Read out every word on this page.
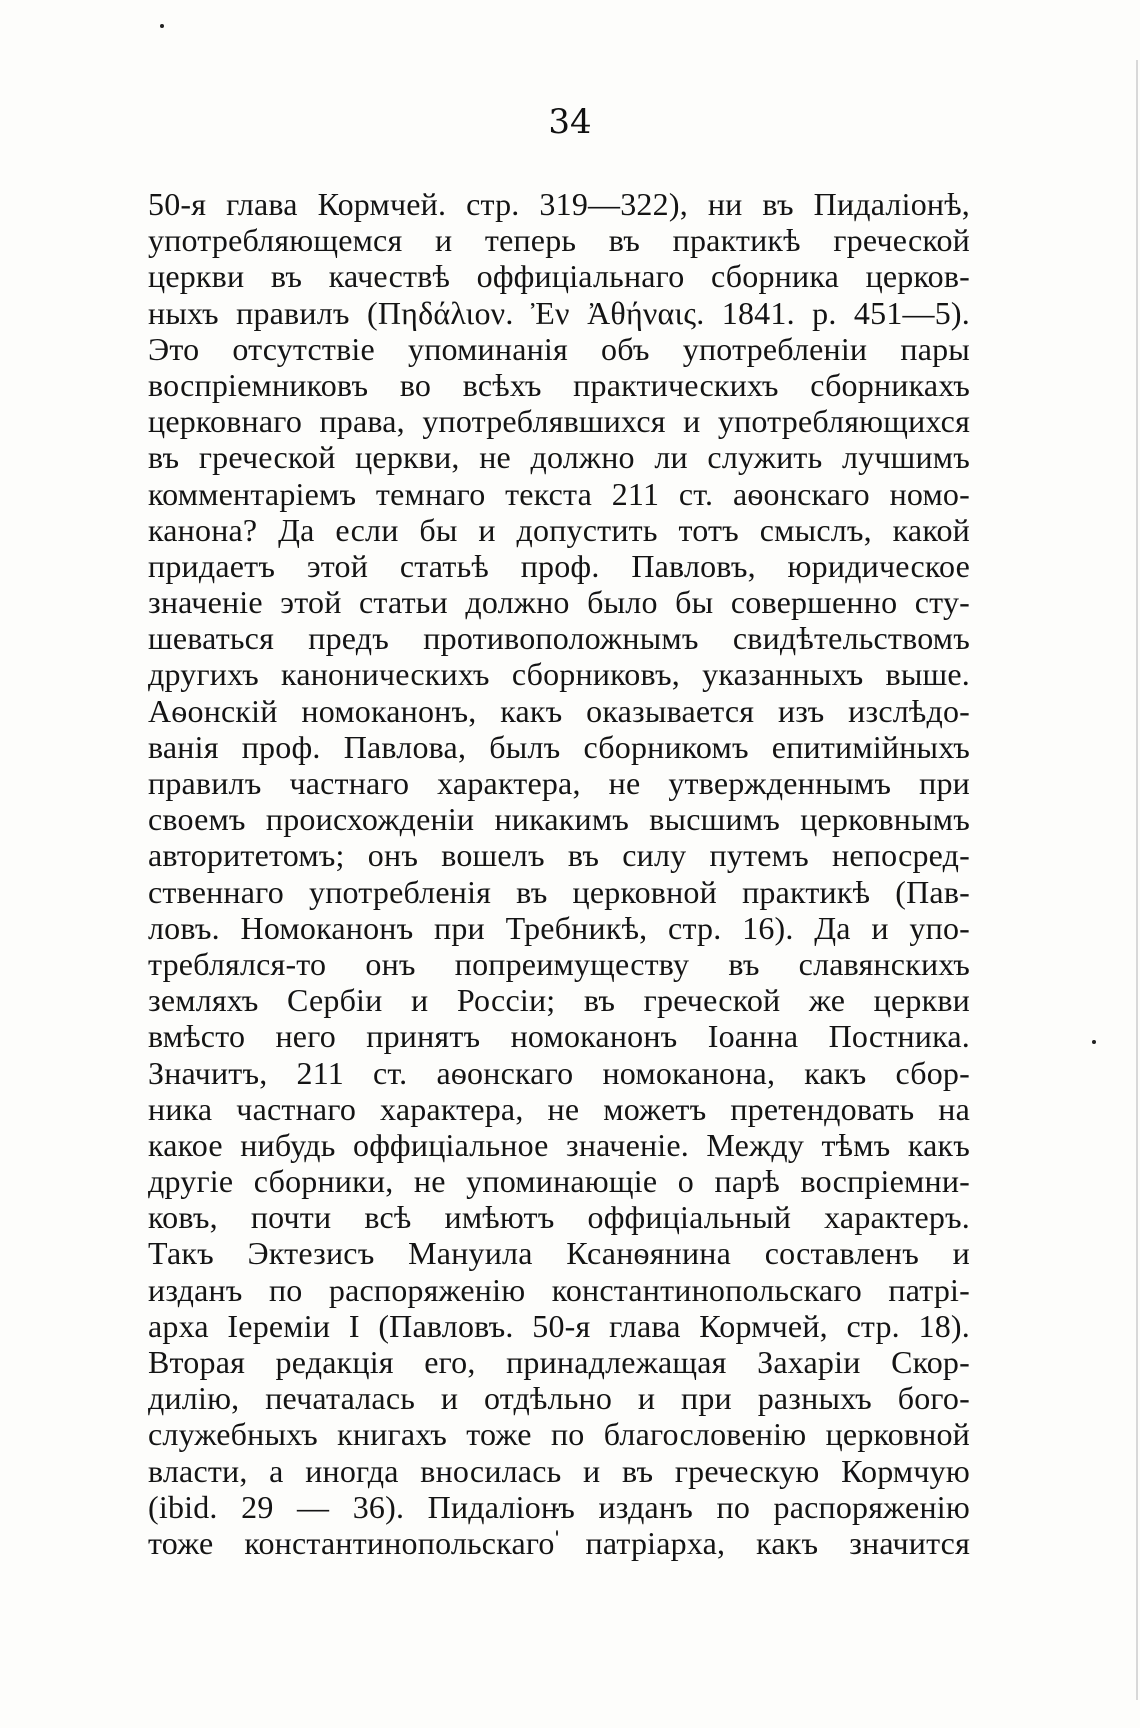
34
50-я глава Кормчей. стр. 319—322), ни въ Пидаліонѣ,
употребляющемся и теперь въ практикѣ греческой
церкви въ качествѣ оффиціальнаго сборника церков-
ныхъ правилъ (Πηδάλιον. Ἐν Ἀθήναις. 1841. р. 451—5).
Это отсутствіе упоминанія объ употребленіи пары
воспріемниковъ во всѣхъ практическихъ сборникахъ
церковнаго права, употреблявшихся и употребляющихся
въ греческой церкви, не должно ли служить лучшимъ
комментаріемъ темнаго текста 211 ст. аѳонскаго номо-
канона? Да если бы и допустить тотъ смыслъ, какой
придаетъ этой статьѣ проф. Павловъ, юридическое
значеніе этой статьи должно было бы совершенно сту-
шеваться предъ противоположнымъ свидѣтельствомъ
другихъ каноническихъ сборниковъ, указанныхъ выше.
Аѳонскій номоканонъ, какъ оказывается изъ изслѣдо-
ванія проф. Павлова, былъ сборникомъ епитимійныхъ
правилъ частнаго характера, не утвержденнымъ при
своемъ происхожденіи никакимъ высшимъ церковнымъ
авторитетомъ; онъ вошелъ въ силу путемъ непосред-
ственнаго употребленія въ церковной практикѣ (Пав-
ловъ. Номоканонъ при Требникѣ, стр. 16). Да и упо-
треблялся-то онъ попреимуществу въ славянскихъ
земляхъ Сербіи и Россіи; въ греческой же церкви
вмѣсто него принятъ номоканонъ Іоанна Постника.
Значитъ, 211 ст. аѳонскаго номоканона, какъ сбор-
ника частнаго характера, не можетъ претендовать на
какое нибудь оффиціальное значеніе. Между тѣмъ какъ
другіе сборники, не упоминающіе о парѣ воспріемни-
ковъ, почти всѣ имѣютъ оффиціальный характеръ.
Такъ Эктезисъ Мануила Ксанѳянина составленъ и
изданъ по распоряженію константинопольскаго патрі-
арха Іереміи І (Павловъ. 50-я глава Кормчей, стр. 18).
Вторая редакція его, принадлежащая Захаріи Скор-
дилію, печаталась и отдѣльно и при разныхъ бого-
служебныхъ книгахъ тоже по благословенію церковной
власти, а иногда вносилась и въ греческую Кормчую
(ibid. 29 — 36). Пидаліонъ изданъ по распоряженію
тоже константинопольскаго патріарха, какъ значится
